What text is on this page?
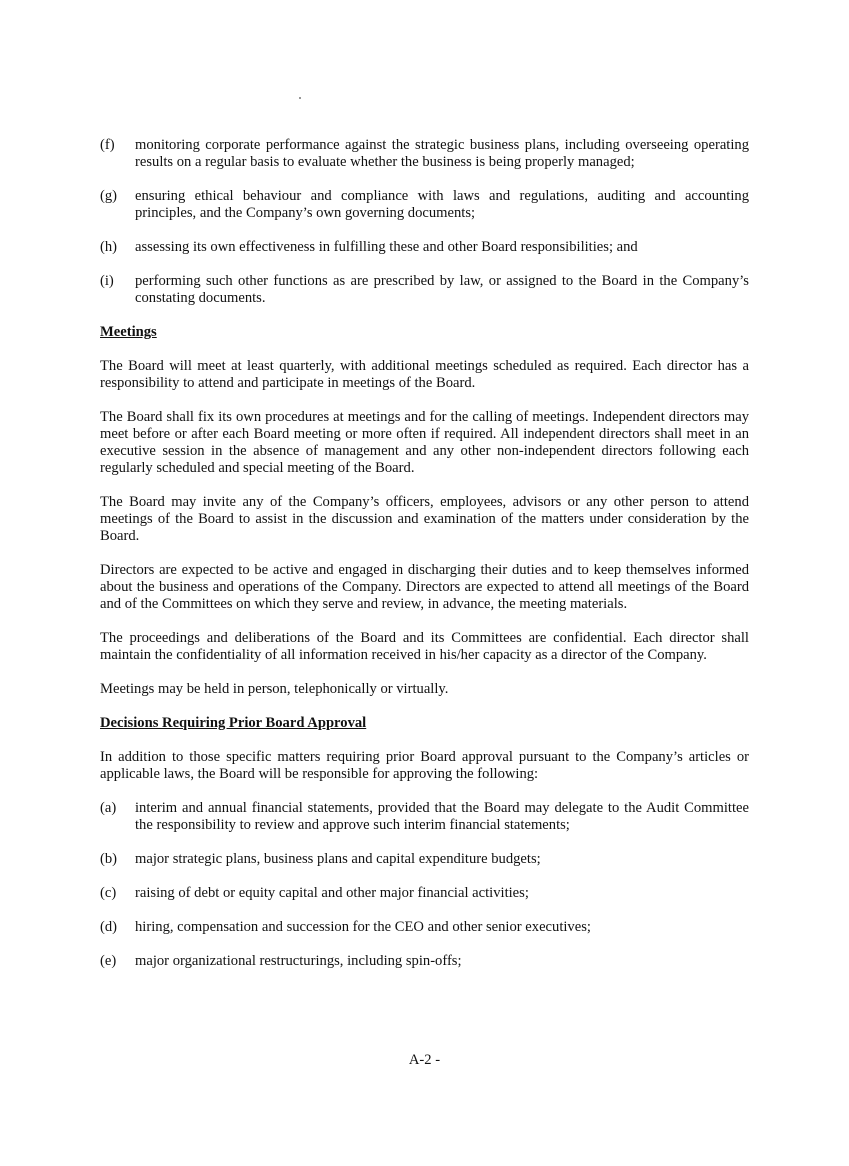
(f)	monitoring corporate performance against the strategic business plans, including overseeing operating results on a regular basis to evaluate whether the business is being properly managed;
(g)	ensuring ethical behaviour and compliance with laws and regulations, auditing and accounting principles, and the Company’s own governing documents;
(h)	assessing its own effectiveness in fulfilling these and other Board responsibilities; and
(i)	performing such other functions as are prescribed by law, or assigned to the Board in the Company’s constating documents.
Meetings

The Board will meet at least quarterly, with additional meetings scheduled as required. Each director has a responsibility to attend and participate in meetings of the Board.

The Board shall fix its own procedures at meetings and for the calling of meetings. Independent directors may meet before or after each Board meeting or more often if required. All independent directors shall meet in an executive session in the absence of management and any other non-independent directors following each regularly scheduled and special meeting of the Board.

The Board may invite any of the Company’s officers, employees, advisors or any other person to attend meetings of the Board to assist in the discussion and examination of the matters under consideration by the Board.

Directors are expected to be active and engaged in discharging their duties and to keep themselves informed about the business and operations of the Company. Directors are expected to attend all meetings of the Board and of the Committees on which they serve and review, in advance, the meeting materials.

The proceedings and deliberations of the Board and its Committees are confidential. Each director shall maintain the confidentiality of all information received in his/her capacity as a director of the Company.

Meetings may be held in person, telephonically or virtually.

Decisions Requiring Prior Board Approval

In addition to those specific matters requiring prior Board approval pursuant to the Company’s articles or applicable laws, the Board will be responsible for approving the following:

(a)	interim and annual financial statements, provided that the Board may delegate to the Audit Committee the responsibility to review and approve such interim financial statements;
(b)	major strategic plans, business plans and capital expenditure budgets;
(c)	raising of debt or equity capital and other major financial activities;
(d)	hiring, compensation and succession for the CEO and other senior executives;
(e)	major organizational restructurings, including spin-offs;
A-2 -
